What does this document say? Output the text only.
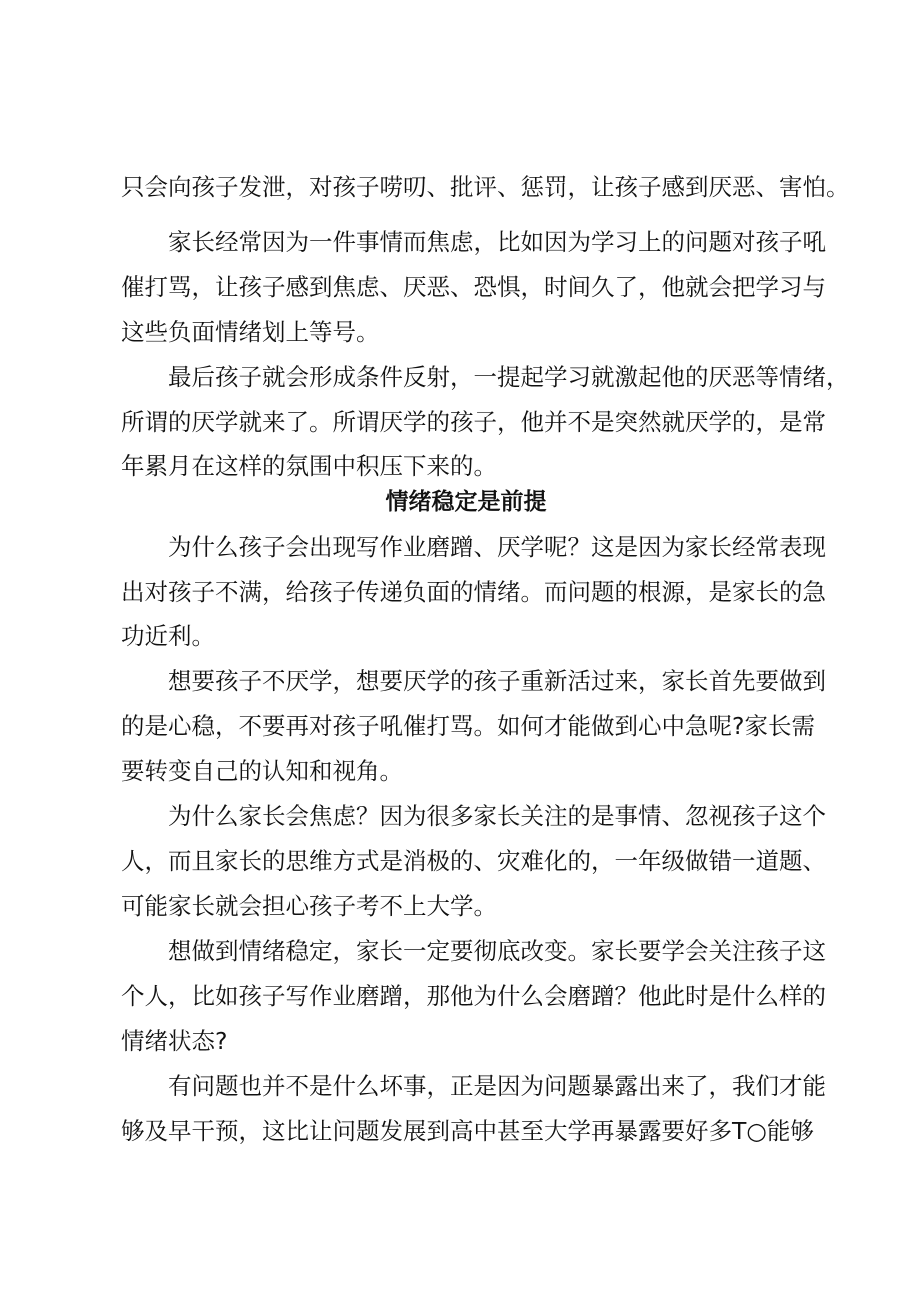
只会向孩子发泄，对孩子唠叨、批评、惩罚，让孩子感到厌恶、害怕。
家长经常因为一件事情而焦虑，比如因为学习上的问题对孩子吼
催打骂，让孩子感到焦虑、厌恶、恐惧，时间久了，他就会把学习与
这些负面情绪划上等号。
最后孩子就会形成条件反射，一提起学习就激起他的厌恶等情绪，
所谓的厌学就来了。所谓厌学的孩子，他并不是突然就厌学的，是常
年累月在这样的氛围中积压下来的。
情绪稳定是前提
为什么孩子会出现写作业磨蹭、厌学呢？这是因为家长经常表现
出对孩子不满，给孩子传递负面的情绪。而问题的根源，是家长的急
功近利。
想要孩子不厌学，想要厌学的孩子重新活过来，家长首先要做到
的是心稳，不要再对孩子吼催打骂。如何才能做到心中急呢?家长需
要转变自己的认知和视角。
为什么家长会焦虑？因为很多家长关注的是事情、忽视孩子这个
人，而且家长的思维方式是消极的、灾难化的，一年级做错一道题、
可能家长就会担心孩子考不上大学。
想做到情绪稳定，家长一定要彻底改变。家长要学会关注孩子这
个人，比如孩子写作业磨蹭，那他为什么会磨蹭？他此时是什么样的
情绪状态?
有问题也并不是什么坏事，正是因为问题暴露出来了，我们才能
够及早干预，这比让问题发展到高中甚至大学再暴露要好多T○能够
